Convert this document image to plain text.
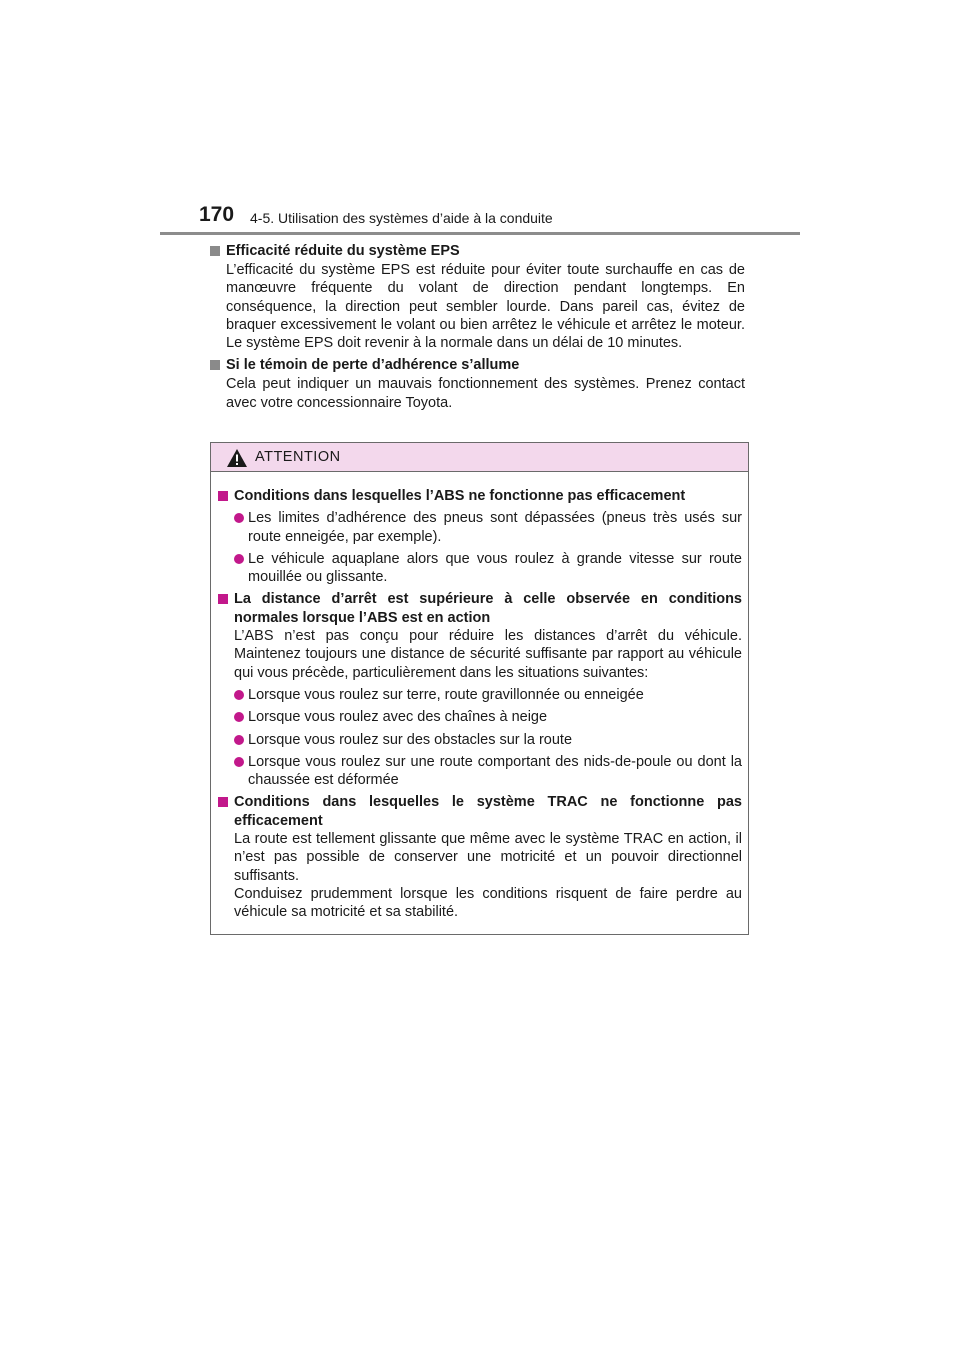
170 4-5. Utilisation des systèmes d’aide à la conduite
Efficacité réduite du système EPS
L’efficacité du système EPS est réduite pour éviter toute surchauffe en cas de manœuvre fréquente du volant de direction pendant longtemps. En conséquence, la direction peut sembler lourde. Dans pareil cas, évitez de braquer excessivement le volant ou bien arrêtez le véhicule et arrêtez le moteur. Le système EPS doit revenir à la normale dans un délai de 10 minutes.
Si le témoin de perte d’adhérence s’allume
Cela peut indiquer un mauvais fonctionnement des systèmes. Prenez contact avec votre concessionnaire Toyota.
ATTENTION
Conditions dans lesquelles l’ABS ne fonctionne pas efficacement
Les limites d’adhérence des pneus sont dépassées (pneus très usés sur route enneigée, par exemple).
Le véhicule aquaplane alors que vous roulez à grande vitesse sur route mouillée ou glissante.
La distance d’arrêt est supérieure à celle observée en conditions normales lorsque l’ABS est en action
L’ABS n’est pas conçu pour réduire les distances d’arrêt du véhicule. Maintenez toujours une distance de sécurité suffisante par rapport au véhicule qui vous précède, particulièrement dans les situations suivantes:
Lorsque vous roulez sur terre, route gravillonnée ou enneigée
Lorsque vous roulez avec des chaînes à neige
Lorsque vous roulez sur des obstacles sur la route
Lorsque vous roulez sur une route comportant des nids-de-poule ou dont la chaussée est déformée
Conditions dans lesquelles le système TRAC ne fonctionne pas efficacement
La route est tellement glissante que même avec le système TRAC en action, il n’est pas possible de conserver une motricité et un pouvoir directionnel suffisants.
Conduisez prudemment lorsque les conditions risquent de faire perdre au véhicule sa motricité et sa stabilité.
